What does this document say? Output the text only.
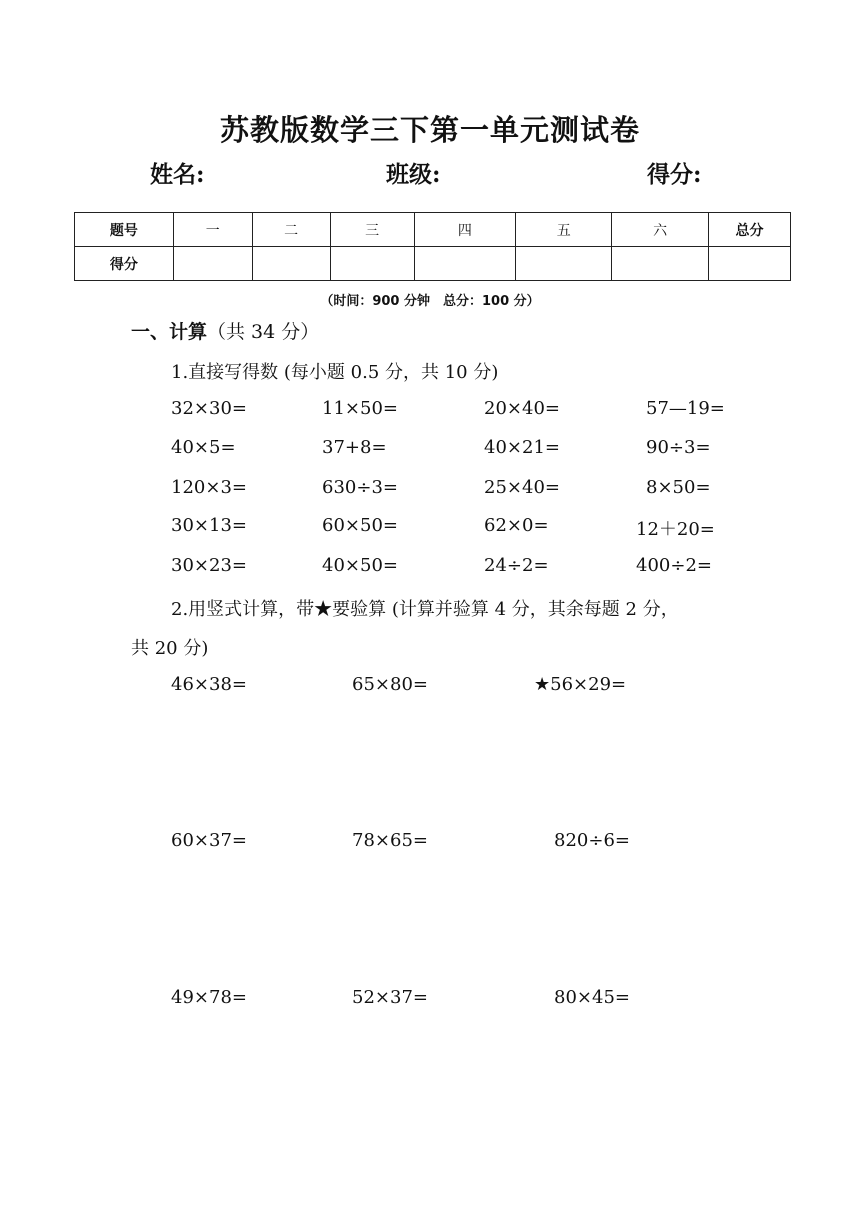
苏教版数学三下第一单元测试卷
姓名:	班级:	得分:
题号	一	二	三	四	五	六	总分
得分							
（时间：900 分钟　总分：100 分）
一、计算（共 34 分）
1.直接写得数 (每小题 0.5 分，共 10 分)
32×30=	11×50=	20×40=	57—19=
40×5=	37+8=	40×21=	90÷3=
120×3=	630÷3=	25×40=	8×50=
30×13=	60×50=	62×0=	12＋20=
30×23=	40×50=	24÷2=	400÷2=
2.用竖式计算，带★要验算 (计算并验算 4 分，其余每题 2 分，
共 20 分)
46×38=	65×80=	★56×29=
60×37=	78×65=	820÷6=
49×78=	52×37=	80×45=
